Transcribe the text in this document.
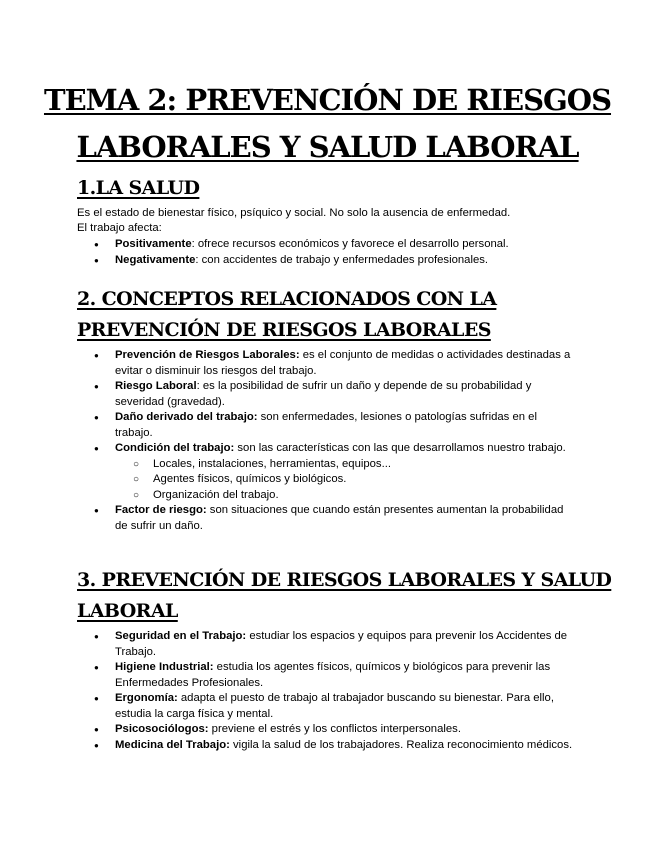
TEMA 2: PREVENCIÓN DE RIESGOS
LABORALES Y SALUD LABORAL
1.LA SALUD

Es el estado de bienestar físico, psíquico y social. No solo la ausencia de enfermedad.

El trabajo afecta:

● Positivamente: ofrece recursos económicos y favorece el desarrollo personal.
● Negativamente: con accidentes de trabajo y enfermedades profesionales.
2. CONCEPTOS RELACIONADOS CON LA
PREVENCIÓN DE RIESGOS LABORALES
● Prevención de Riesgos Laborales: es el conjunto de medidas o actividades destinadas a evitar o disminuir los riesgos del trabajo.
● Riesgo Laboral: es la posibilidad de sufrir un daño y depende de su probabilidad y severidad (gravedad).
● Daño derivado del trabajo: son enfermedades, lesiones o patologías sufridas en el trabajo.
● Condición del trabajo: son las características con las que desarrollamos nuestro trabajo.
○ Locales, instalaciones, herramientas, equipos...
○ Agentes físicos, químicos y biológicos.
○ Organización del trabajo.
● Factor de riesgo: son situaciones que cuando están presentes aumentan la probabilidad de sufrir un daño.
3. PREVENCIÓN DE RIESGOS LABORALES Y SALUD
LABORAL
● Seguridad en el Trabajo: estudiar los espacios y equipos para prevenir los Accidentes de Trabajo.
● Higiene Industrial: estudia los agentes físicos, químicos y biológicos para prevenir las Enfermedades Profesionales.
● Ergonomía: adapta el puesto de trabajo al trabajador buscando su bienestar. Para ello, estudia la carga física y mental.
● Psicosociólogos: previene el estrés y los conflictos interpersonales.
● Medicina del Trabajo: vigila la salud de los trabajadores. Realiza reconocimiento médicos.
